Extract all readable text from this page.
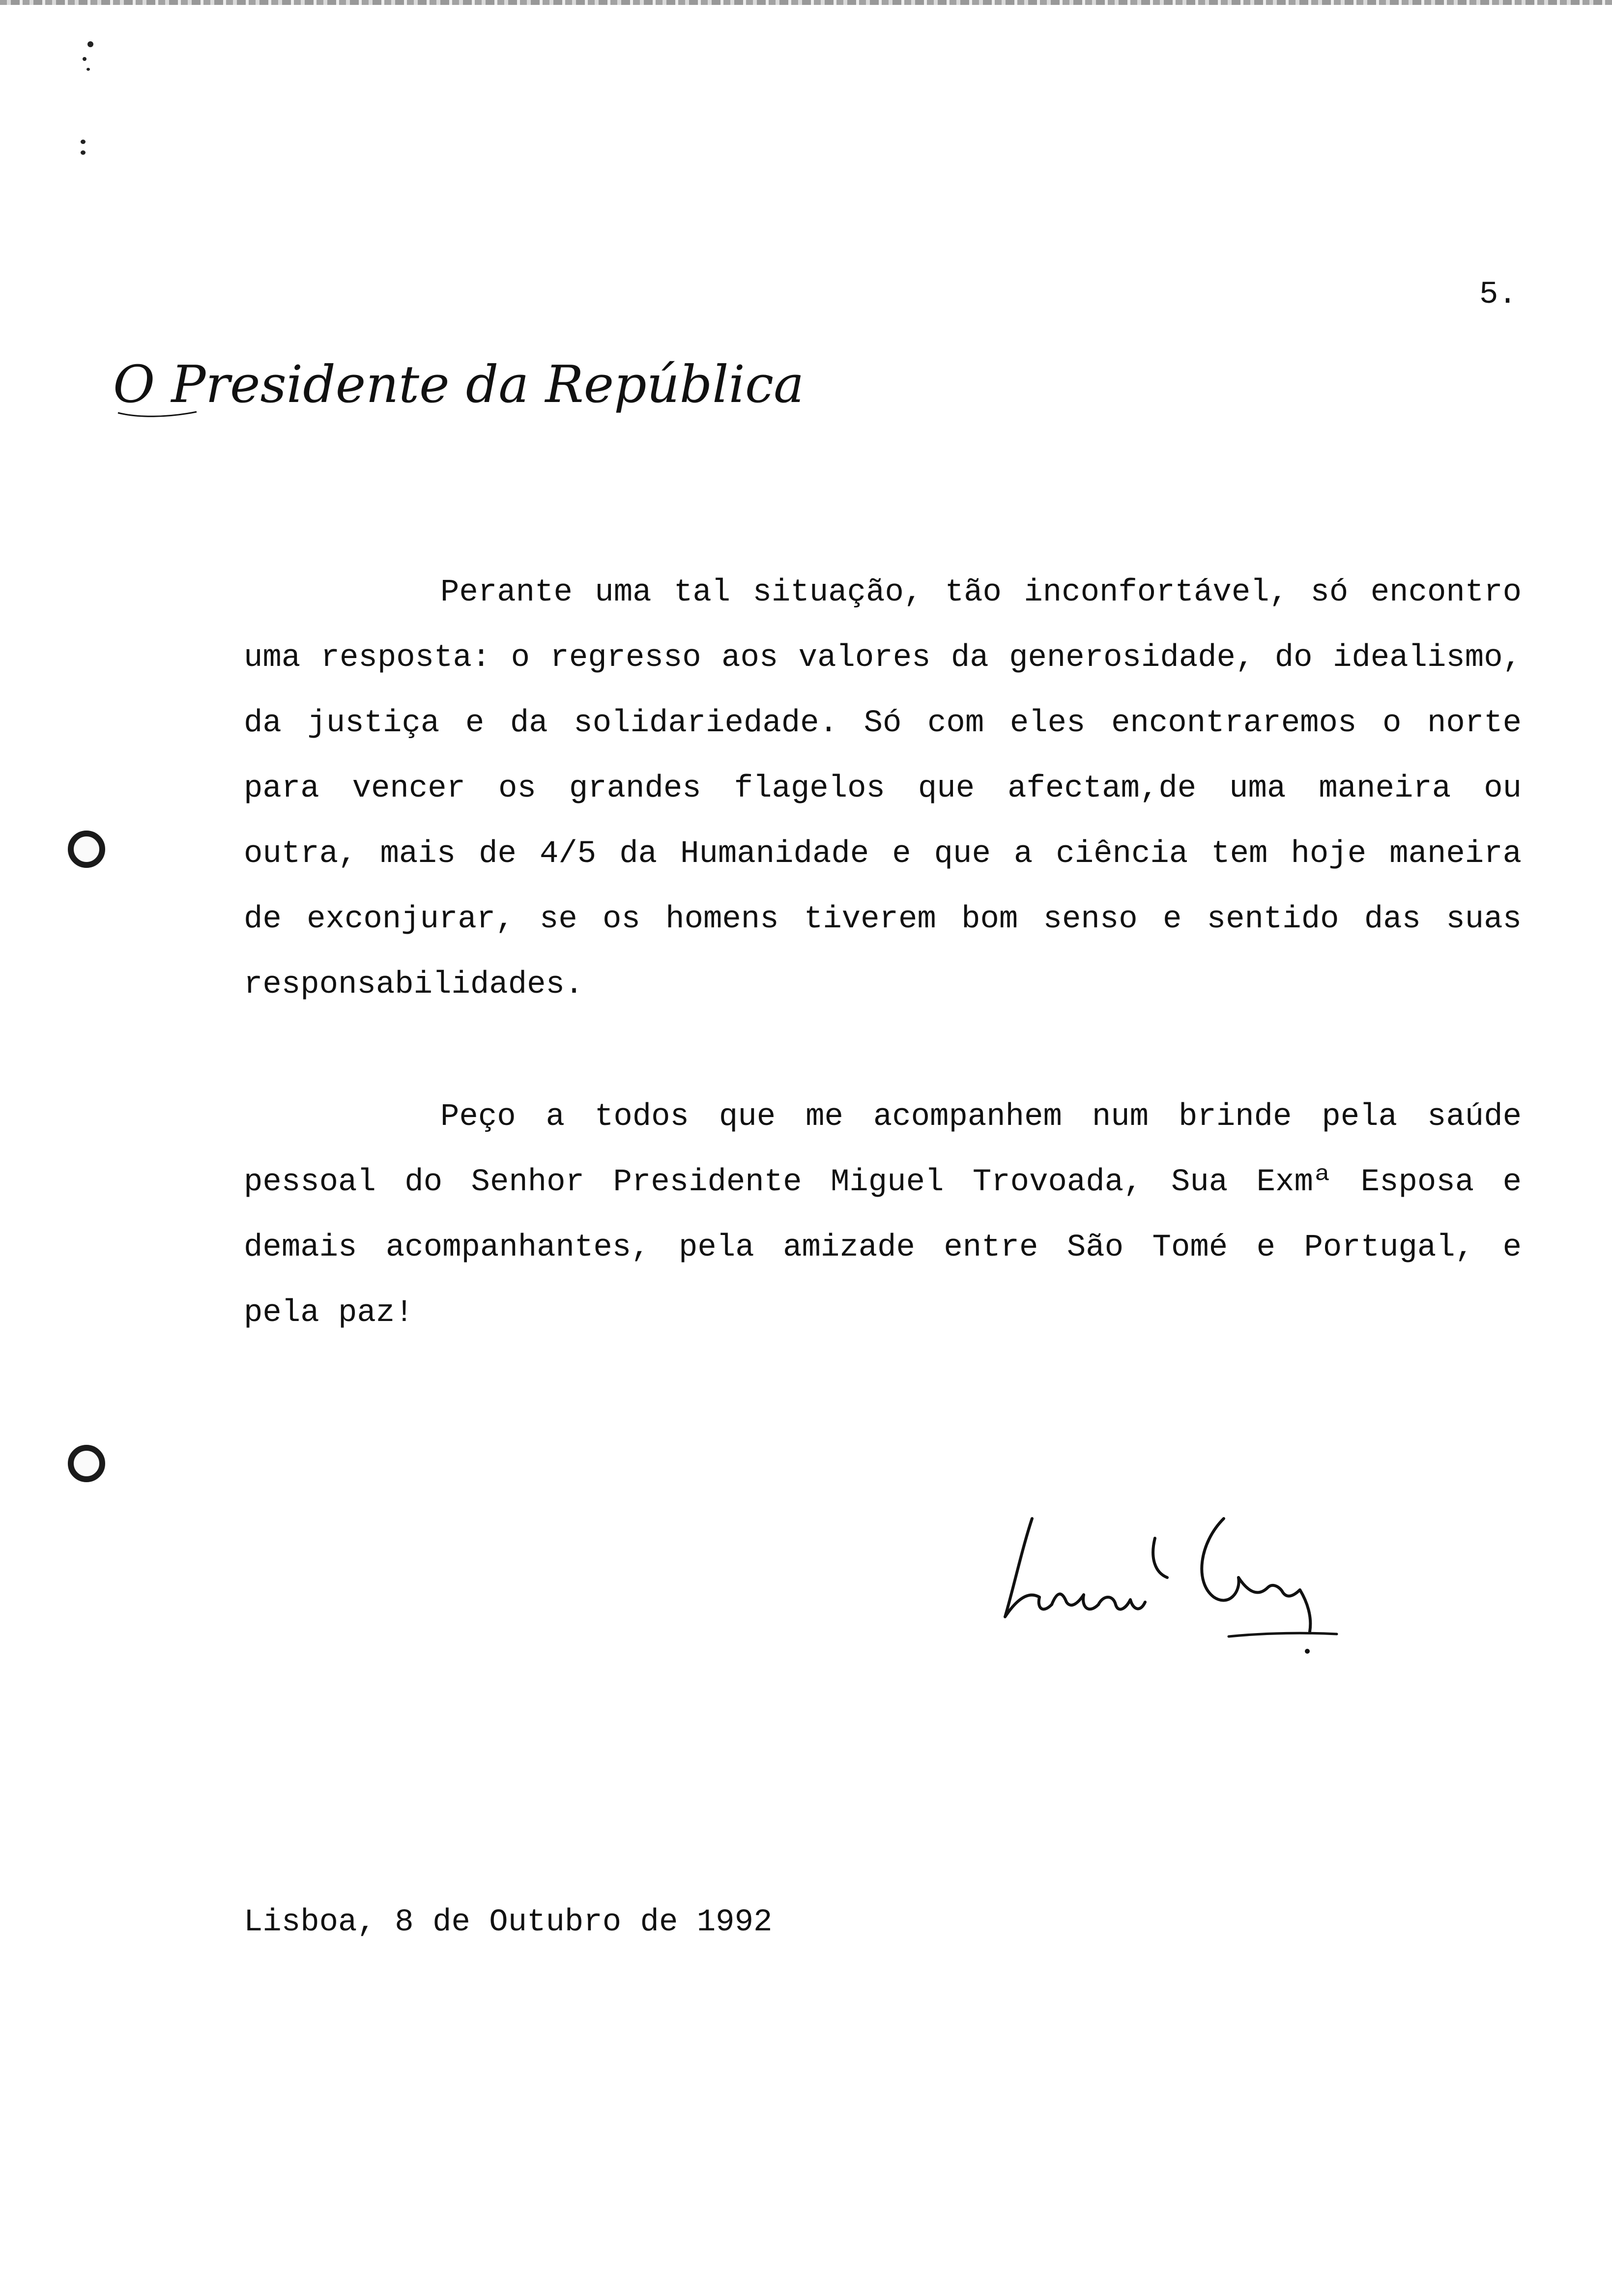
5.
O Presidente da República

Perante uma tal situação, tão inconfortável, só encontro uma resposta: o regresso aos valores da generosidade, do idealismo, da justiça e da solidariedade. Só com eles encontraremos o norte para vencer os grandes flagelos que afectam,de uma maneira ou outra, mais de 4/5 da Humanidade e que a ciência tem hoje maneira de exconjurar, se os homens tiverem bom senso e sentido das suas responsabilidades.

Peço a todos que me acompanhem num brinde pela saúde pessoal do Senhor Presidente Miguel Trovoada, Sua Exmª Esposa e demais acompanhantes, pela amizade entre São Tomé e Portugal, e pela paz!

Lisboa, 8 de Outubro de 1992
